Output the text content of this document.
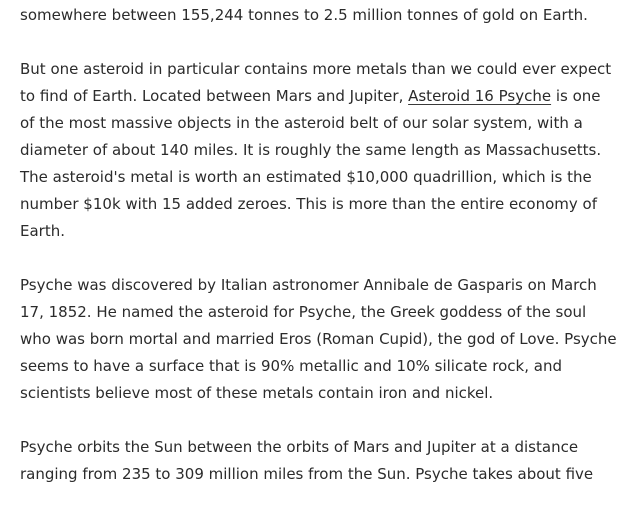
somewhere between 155,244 tonnes to 2.5 million tonnes of gold on Earth.
But one asteroid in particular contains more metals than we could ever expect
to find of Earth. Located between Mars and Jupiter, Asteroid 16 Psyche is one
of the most massive objects in the asteroid belt of our solar system, with a
diameter of about 140 miles. It is roughly the same length as Massachusetts.
The asteroid's metal is worth an estimated $10,000 quadrillion, which is the
number $10k with 15 added zeroes. This is more than the entire economy of
Earth.
Psyche was discovered by Italian astronomer Annibale de Gasparis on March
17, 1852. He named the asteroid for Psyche, the Greek goddess of the soul
who was born mortal and married Eros (Roman Cupid), the god of Love. Psyche
seems to have a surface that is 90% metallic and 10% silicate rock, and
scientists believe most of these metals contain iron and nickel.
Psyche orbits the Sun between the orbits of Mars and Jupiter at a distance
ranging from 235 to 309 million miles from the Sun. Psyche takes about five
